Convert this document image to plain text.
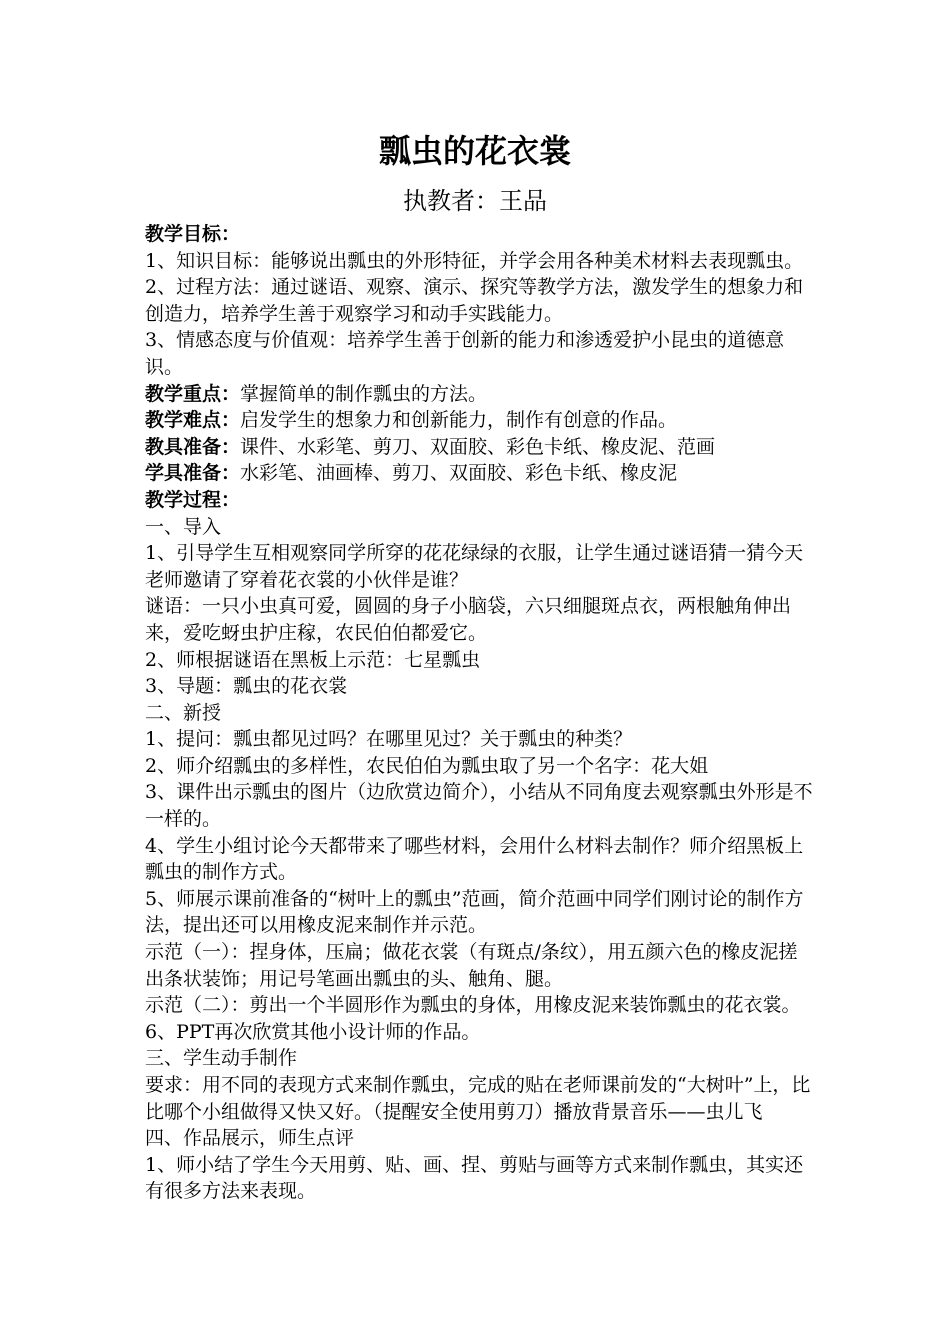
瓢虫的花衣裳
执教者：王品

教学目标：

1、知识目标：能够说出瓢虫的外形特征，并学会用各种美术材料去表现瓢虫。

2、过程方法：通过谜语、观察、演示、探究等教学方法，激发学生的想象力和创造力，培养学生善于观察学习和动手实践能力。

3、情感态度与价值观：培养学生善于创新的能力和渗透爱护小昆虫的道德意识。

教学重点：掌握简单的制作瓢虫的方法。

教学难点：启发学生的想象力和创新能力，制作有创意的作品。

教具准备：课件、水彩笔、剪刀、双面胶、彩色卡纸、橡皮泥、范画

学具准备：水彩笔、油画棒、剪刀、双面胶、彩色卡纸、橡皮泥

教学过程：

一、导入

1、引导学生互相观察同学所穿的花花绿绿的衣服，让学生通过谜语猜一猜今天老师邀请了穿着花衣裳的小伙伴是谁？

谜语：一只小虫真可爱，圆圆的身子小脑袋，六只细腿斑点衣，两根触角伸出来，爱吃蚜虫护庄稼，农民伯伯都爱它。

2、师根据谜语在黑板上示范：七星瓢虫

3、导题：瓢虫的花衣裳

二、新授

1、提问：瓢虫都见过吗？在哪里见过？关于瓢虫的种类？

2、师介绍瓢虫的多样性，农民伯伯为瓢虫取了另一个名字：花大姐

3、课件出示瓢虫的图片（边欣赏边简介），小结从不同角度去观察瓢虫外形是不一样的。

4、学生小组讨论今天都带来了哪些材料，会用什么材料去制作？师介绍黑板上瓢虫的制作方式。

5、师展示课前准备的“树叶上的瓢虫”范画，简介范画中同学们刚讨论的制作方法，提出还可以用橡皮泥来制作并示范。

示范（一）：捏身体，压扁；做花衣裳（有斑点/条纹），用五颜六色的橡皮泥搓出条状装饰；用记号笔画出瓢虫的头、触角、腿。

示范（二）：剪出一个半圆形作为瓢虫的身体，用橡皮泥来装饰瓢虫的花衣裳。

6、PPT再次欣赏其他小设计师的作品。

三、学生动手制作

要求：用不同的表现方式来制作瓢虫，完成的贴在老师课前发的“大树叶”上，比比哪个小组做得又快又好。（提醒安全使用剪刀）播放背景音乐——虫儿飞

四、作品展示，师生点评

1、师小结了学生今天用剪、贴、画、捏、剪贴与画等方式来制作瓢虫，其实还有很多方法来表现。
